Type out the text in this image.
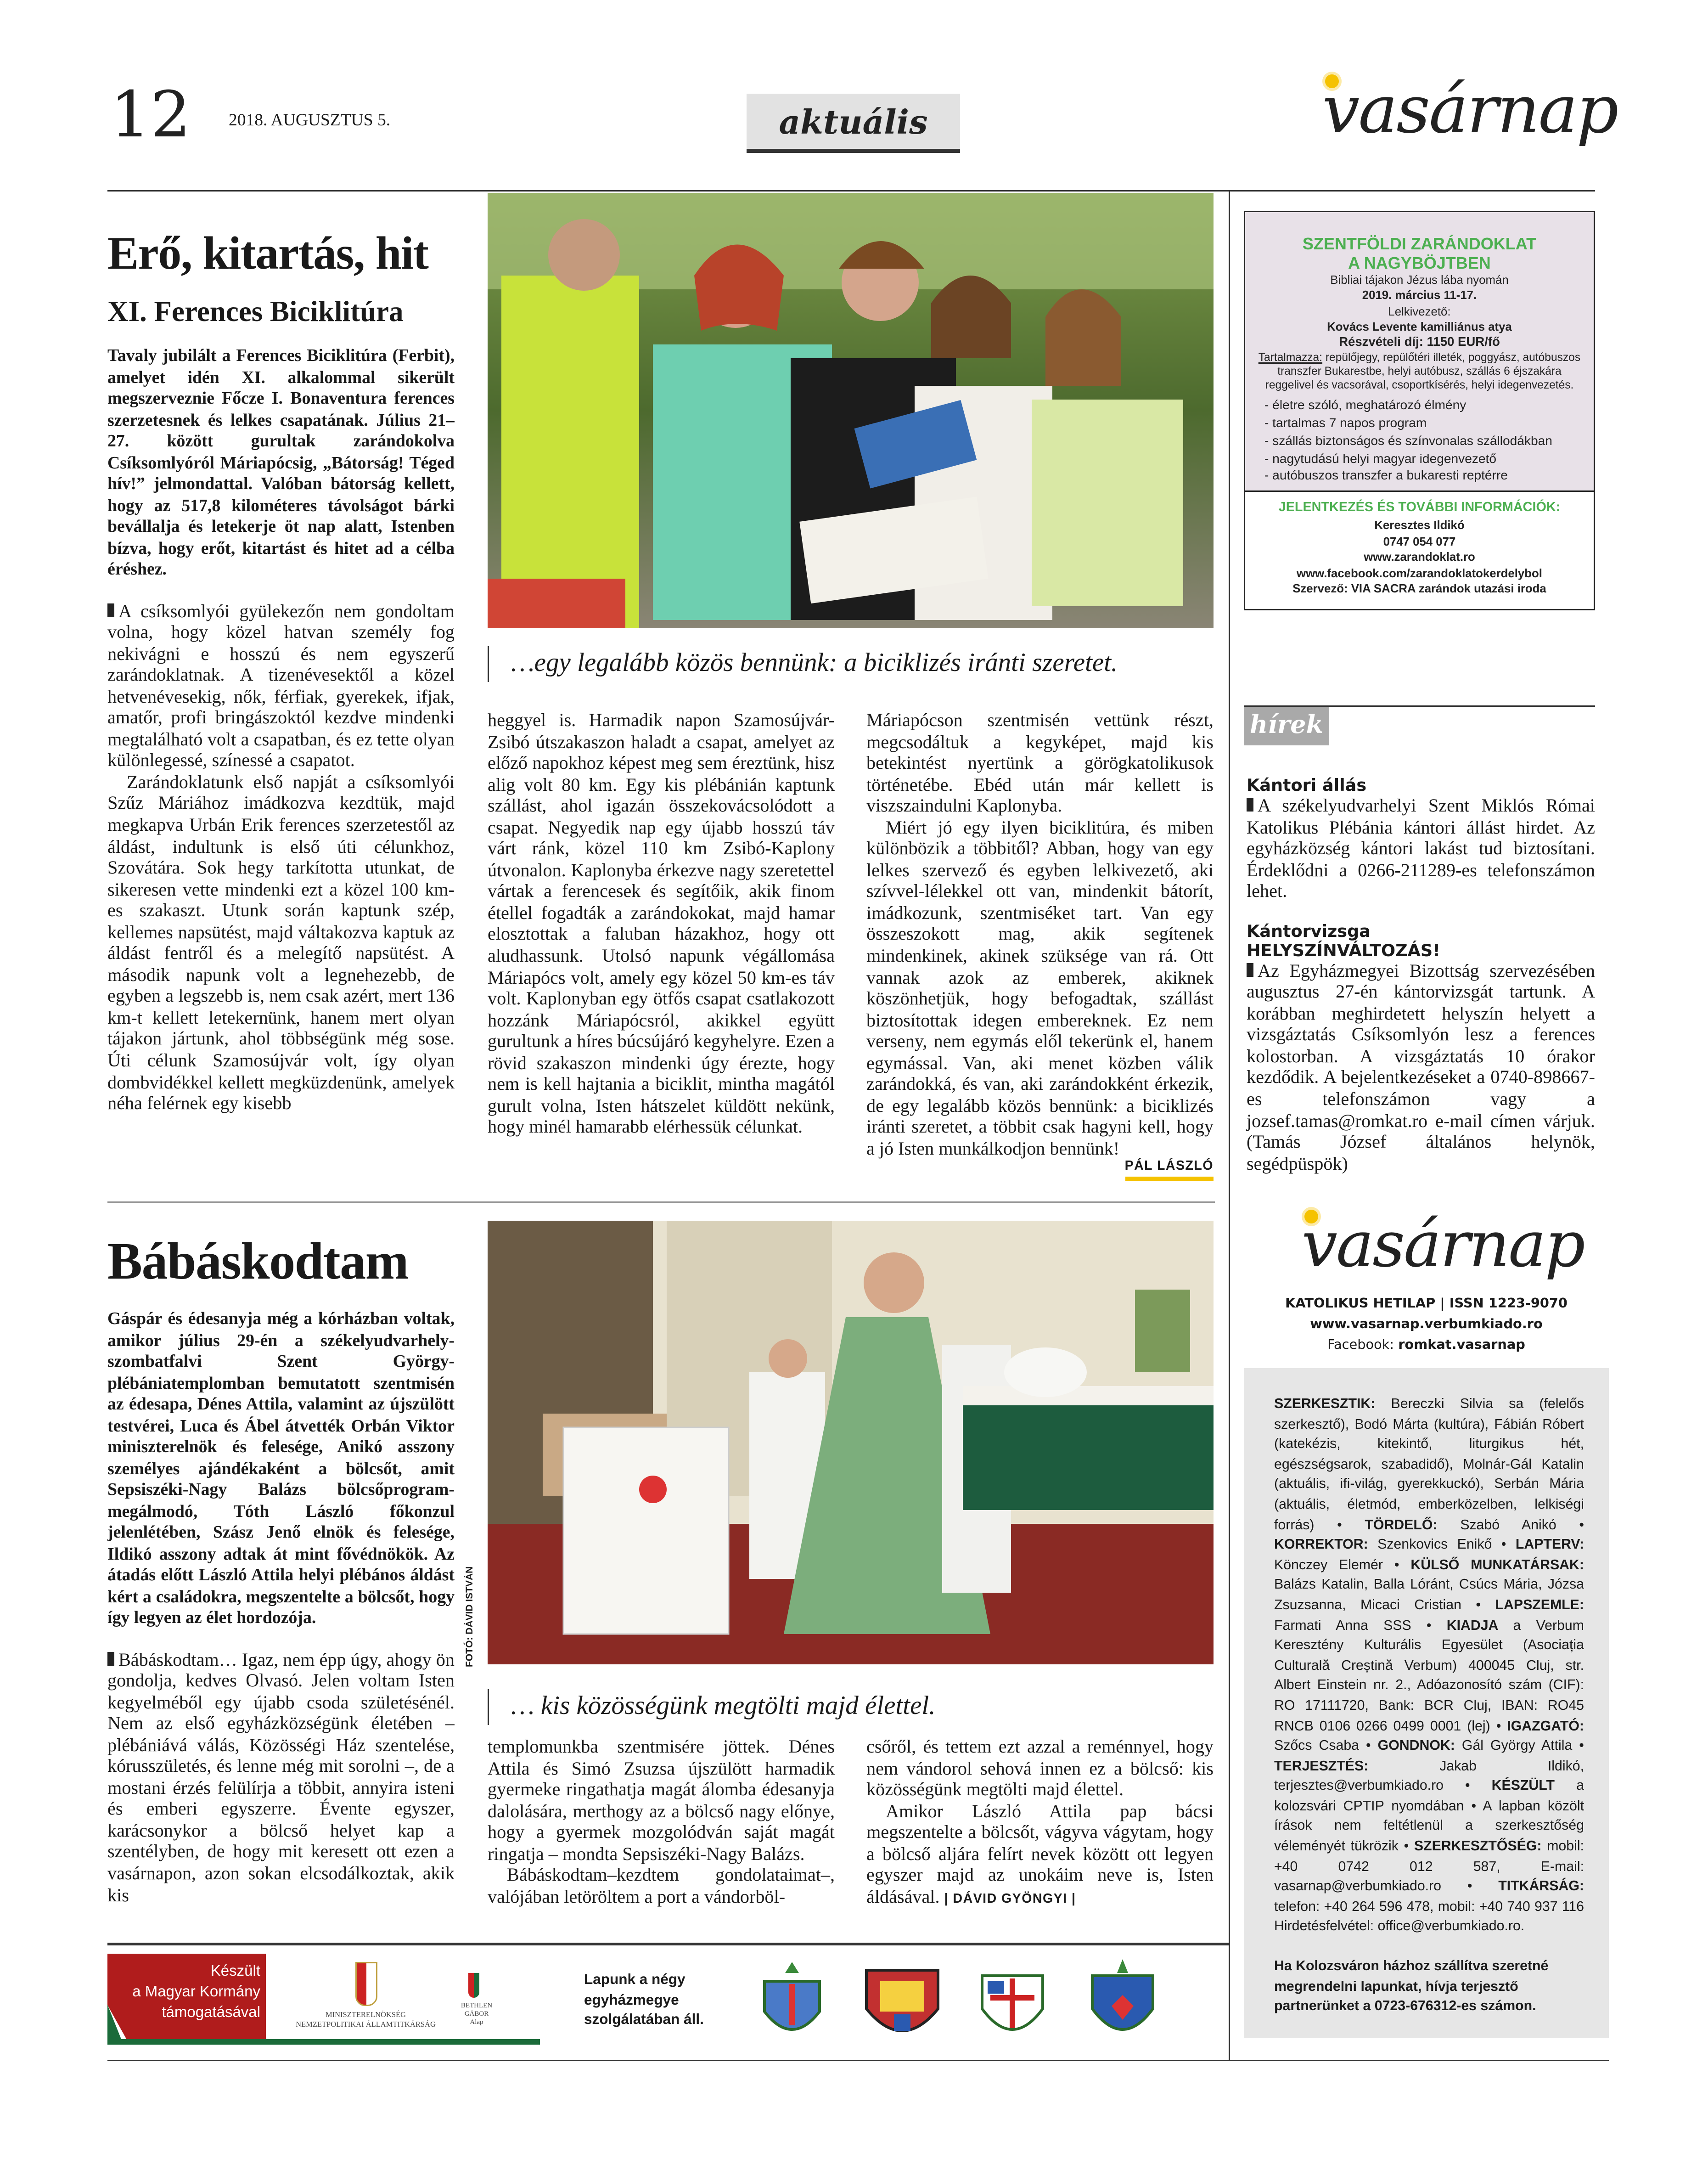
12	2018. AUGUSZTUS 5.	aktuális	vasárnap
Erő, kitartás, hit
XI. Ferences Biciklitúra
…egy legalább közös bennünk: a biciklizés iránti szeretet.
Tavaly jubilált a Ferences Biciklitúra (Ferbit), amelyet idén XI. alkalommal sikerült megszerveznie Főcze I. Bonaventura ferences szerzetesnek és lelkes csapatának. Július 21–27. között gurultak zarándokolva Csíksomlyóról Máriapócsig, „Bátorság! Téged hív!” jelmondattal. Valóban bátorság kellett, hogy az 517,8 kilométeres távolságot bárki bevállalja és letekerje öt nap alatt, Istenben bízva, hogy erőt, kitartást és hitet ad a célba éréshez.

A csíksomlyói gyülekezőn nem gondoltam volna, hogy közel hatvan személy fog nekivágni e hosszú és nem egyszerű zarándoklatnak. A tizenévesektől a közel hetvenévesekig, nők, férfiak, gyerekek, ifjak, amatőr, profi bringászoktól kezdve mindenki megtalálható volt a csapatban, és ez tette olyan különlegessé, színessé a csapatot.

Zarándoklatunk első napját a csíksomlyói Szűz Máriához imádkozva kezdtük, majd megkapva Urbán Erik ferences szerzetestől az áldást, indultunk is első úti célunkhoz, Szovátára. Sok hegy tarkította utunkat, de sikeresen vette mindenki ezt a közel 100 km-es szakaszt. Utunk során kaptunk szép, kellemes napsütést, majd váltakozva kaptuk az áldást fentről és a melegítő napsütést. A második napunk volt a legnehezebb, de egyben a legszebb is, nem csak azért, mert 136 km-t kellett letekernünk, hanem mert olyan tájakon jártunk, ahol többségünk még sose. Úti célunk Szamosújvár volt, így olyan dombvidékkel kellett megküzdenünk, amelyek néha felérnek egy kisebb

heggyel is. Harmadik napon Szamosújvár-Zsibó útszakaszon haladt a csapat, amelyet az előző napokhoz képest meg sem éreztünk, hisz alig volt 80 km. Egy kis plébánián kaptunk szállást, ahol igazán összekovácsolódott a csapat. Negyedik nap egy újabb hosszú táv várt ránk, közel 110 km Zsibó-Kaplony útvonalon. Kaplonyba érkezve nagy szeretettel vártak a ferencesek és segítőik, akik finom étellel fogadták a zarándokokat, majd hamar elosztottak a faluban házakhoz, hogy ott aludhassunk. Utolsó napunk végállomása Máriapócs volt, amely egy közel 50 km-es táv volt. Kaplonyban egy ötfős csapat csatlakozott hozzánk Máriapócsról, akikkel együtt gurultunk a híres búcsújáró kegyhelyre. Ezen a rövid szakaszon mindenki úgy érezte, hogy nem is kell hajtania a biciklit, mintha magától gurult volna, Isten hátszelet küldött nekünk, hogy minél hamarabb elérhessük célunkat.

Máriapócson szentmisén vettünk részt, megcsodáltuk a kegyképet, majd kis betekintést nyertünk a görögkatolikusok történetébe. Ebéd után már kellett is viszszaindulni Kaplonyba.

Miért jó egy ilyen biciklitúra, és miben különbözik a többitől? Abban, hogy van egy lelkes szervező és egyben lelkivezető, aki szívvel-lélekkel ott van, mindenkit bátorít, imádkozunk, szentmiséket tart. Van egy összeszokott mag, akik segítenek mindenkinek, akinek szüksége van rá. Ott vannak azok az emberek, akiknek köszönhetjük, hogy befogadtak, szállást biztosítottak idegen embereknek. Ez nem verseny, nem egymás elől tekerünk el, hanem egymással. Van, aki menet közben válik zarándokká, és van, aki zarándokként érkezik, de egy legalább közös bennünk: a biciklizés iránti szeretet, a többit csak hagyni kell, hogy a jó Isten munkálkodjon bennünk!
PÁL LÁSZLÓ

SZENTFÖLDI ZARÁNDOKLAT
A NAGYBÖJTBEN
Bibliai tájakon Jézus lába nyomán
2019. március 11-17.
Lelkivezető:
Kovács Levente kamilliánus atya
Részvételi díj: 1150 EUR/fő
Tartalmazza: repülőjegy, repülőtéri illeték, poggyász, autóbuszos transzfer Bukarestbe, helyi autóbusz, szállás 6 éjszakára reggelivel és vacsorával, csoportkísérés, helyi idegenvezetés.
- életre szóló, meghatározó élmény
- tartalmas 7 napos program
- szállás biztonságos és színvonalas szállodákban
- nagytudású helyi magyar idegenvezető
- autóbuszos transzfer a bukaresti reptérre
JELENTKEZÉS ÉS TOVÁBBI INFORMÁCIÓK:
Keresztes Ildikó
0747 054 077
www.zarandoklat.ro
www.facebook.com/zarandoklatokerdelybol
Szervező: VIA SACRA zarándok utazási iroda
hírek
Kántori állás

A székelyudvarhelyi Szent Miklós Római Katolikus Plébánia kántori állást hirdet. Az egyházközség kántori lakást tud biztosítani. Érdeklődni a 0266-211289-es telefonszámon lehet.

Kántorvizsga
HELYSZÍNVÁLTOZÁS!

Az Egyházmegyei Bizottság szervezésében augusztus 27-én kántorvizsgát tartunk. A korábban meghirdetett helyszín helyett a vizsgáztatás Csíksomlyón lesz a ferences kolostorban. A vizsgáztatás 10 órakor kezdődik. A bejelentkezéseket a 0740-898667-es telefonszámon vagy a jozsef.tamas@romkat.ro e-mail címen várjuk. (Tamás József általános helynök, segédpüspök)

Bábáskodtam
FOTÓ: DÁVID ISTVÁN
… kis közösségünk megtölti majd élettel.
Gáspár és édesanyja még a kórházban voltak, amikor július 29-én a székelyudvarhely-szombatfalvi Szent György-plébániatemplomban bemutatott szentmisén az édesapa, Dénes Attila, valamint az újszülött testvérei, Luca és Ábel átvették Orbán Viktor miniszterelnök és felesége, Anikó asszony személyes ajándékaként a bölcsőt, amit Sepsiszéki-Nagy Balázs bölcsőprogram-megálmodó, Tóth László főkonzul jelenlétében, Szász Jenő elnök és felesége, Ildikó asszony adtak át mint fővédnökök. Az átadás előtt László Attila helyi plébános áldást kért a családokra, megszentelte a bölcsőt, hogy így legyen az élet hordozója.

Bábáskodtam… Igaz, nem épp úgy, ahogy ön gondolja, kedves Olvasó. Jelen voltam Isten kegyelméből egy újabb csoda születésénél. Nem az első egyházközségünk életében – plébániává válás, Közösségi Ház szentelése, kórusszületés, és lenne még mit sorolni –, de a mostani érzés felülírja a többit, annyira isteni és emberi egyszerre. Évente egyszer, karácsonykor a bölcső helyet kap a szentélyben, de hogy mit keresett ott ezen a vasárnapon, azon sokan elcsodálkoztak, akik kis

templomunkba szentmisére jöttek. Dénes Attila és Simó Zsuzsa újszülött harmadik gyermeke ringathatja magát álomba édesanyja dalolására, merthogy az a bölcső nagy előnye, hogy a gyermek mozgolódván saját magát ringatja – mondta Sepsiszéki-Nagy Balázs.

Bábáskodtam–kezdtem gondolataimat–, valójában letöröltem a port a vándorböl-

csőről, és tettem ezt azzal a reménnyel, hogy nem vándorol sehová innen ez a bölcső: kis közösségünk megtölti majd élettel.

Amikor László Attila pap bácsi megszentelte a bölcsőt, vágyva vágytam, hogy a bölcső aljára felírt nevek között ott legyen egyszer majd az unokáim neve is, Isten áldásával. | DÁVID GYÖNGYI |

vasárnap
KATOLIKUS HETILAP | ISSN 1223-9070
www.vasarnap.verbumkiado.ro
Facebook: romkat.vasarnap
SZERKESZTIK: Bereczki Silvia sa (felelős szerkesztő), Bodó Márta (kultúra), Fábián Róbert (katekézis, kitekintő, liturgikus hét, egészségsarok, szabadidő), Molnár-Gál Katalin (aktuális, ifi-világ, gyerekkuckó), Serbán Mária (aktuális, életmód, emberközelben, lelkiségi forrás) • TÖRDELŐ: Szabó Anikó • KORREKTOR: Szenkovics Enikő • LAPTERV: Könczey Elemér • KÜLSŐ MUNKATÁRSAK: Balázs Katalin, Balla Lóránt, Csúcs Mária, Józsa Zsuzsanna, Micaci Cristian • LAPSZEMLE: Farmati Anna SSS • KIADJA a Verbum Keresztény Kulturális Egyesület (Asociația Culturală Creștină Verbum) 400045 Cluj, str. Albert Einstein nr. 2., Adóazonosító szám (CIF): RO 17111720, Bank: BCR Cluj, IBAN: RO45 RNCB 0106 0266 0499 0001 (lej) • IGAZGATÓ: Szőcs Csaba • GONDNOK: Gál György Attila • TERJESZTÉS: Jakab Ildikó, terjesztes@verbumkiado.ro • KÉSZÜLT a kolozsvári CPTIP nyomdában • A lapban közölt írások nem feltétlenül a szerkesztőség véleményét tükrözik • SZERKESZTŐSÉG: mobil: +40 0742 012 587, E-mail: vasarnap@verbumkiado.ro • TITKÁRSÁG: telefon: +40 264 596 478, mobil: +40 740 937 116 Hirdetésfelvétel: office@verbumkiado.ro.
Ha Kolozsváron házhoz szállítva szeretné megrendelni lapunkat, hívja terjesztő partnerünket a 0723-676312-es számon.
Készült
a Magyar Kormány
támogatásával	MINISZTERELNÖKSÉG
NEMZETPOLITIKAI ÁLLAMTITKÁRSÁG
BETHLEN GÁBOR
Alap
Lapunk a négy egyházmegye szolgálatában áll.
